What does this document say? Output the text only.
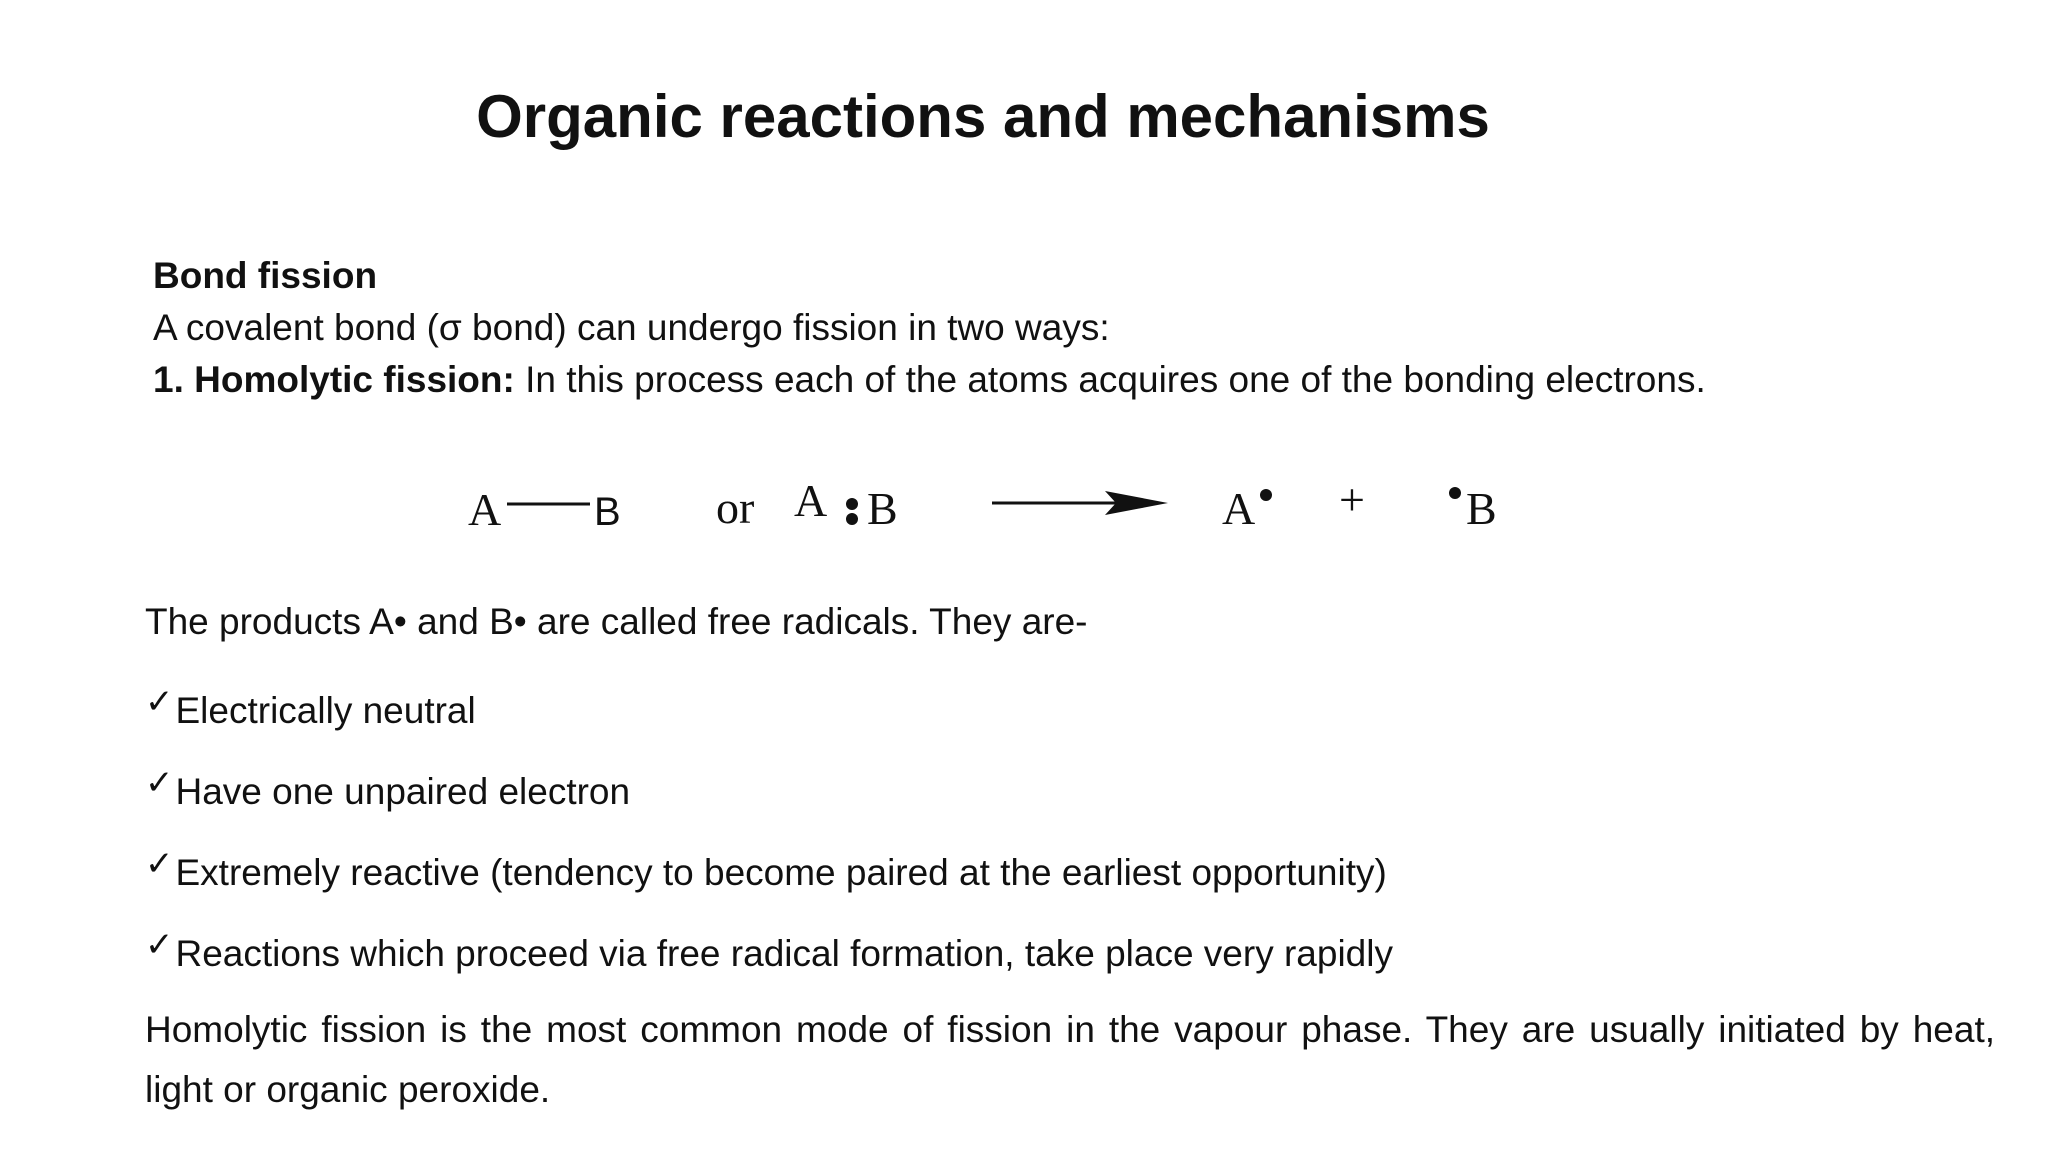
Organic reactions and mechanisms
Bond fission
A covalent bond (σ bond) can undergo fission in two ways:
1. Homolytic fission: In this process each of the atoms acquires one of the bonding electrons.
A B or A B	A + B
The products A• and B• are called free radicals. They are-
✓Electrically neutral
✓Have one unpaired electron
✓Extremely reactive (tendency to become paired at the earliest opportunity)
✓Reactions which proceed via free radical formation, take place very rapidly
Homolytic fission is the most common mode of fission in the vapour phase. They are usually initiated by heat, light or organic peroxide.
